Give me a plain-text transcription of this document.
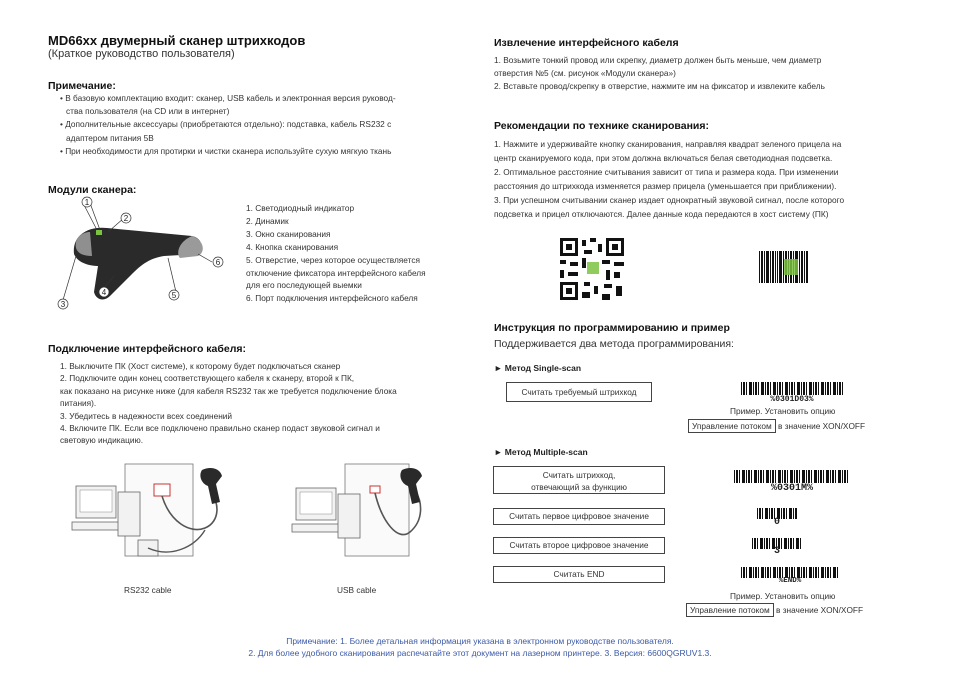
MD66xx двумерный сканер штрихкодов
(Краткое руководство пользователя)
Примечание:
• В базовую комплектацию входит: сканер, USB кабель и электронная версия руковод-
ства пользователя (на CD или в интернет)
• Дополнительные аксессуары (приобретаются отдельно): подставка, кабель RS232 с
адаптером питания 5В
• При необходимости для протирки и чистки сканера используйте сухую мягкую ткань
Модули сканера:
1
2
3
4	5
6
1. Светодиодный индикатор
2. Динамик
3. Окно сканирования
4. Кнопка сканирования
5. Отверстие, через которое осуществляется
отключение фиксатора интерфейсного кабеля
для его последующей выемки
6. Порт подключения интерфейсного кабеля
Подключение интерфейсного кабеля:
1. Выключите ПК (Хост системе), к которому будет подключаться сканер
2. Подключите один конец соответствующего кабеля к сканеру, второй к ПК,
как показано на рисунке ниже (для кабеля RS232 так же требуется подключение блока
питания).
3. Убедитесь в надежности всех соединений
4. Включите ПК. Если все подключено правильно сканер подаст звуковой сигнал и
световую индикацию.
RS232 cable	USB cable
Извлечение интерфейсного кабеля
1. Возьмите тонкий провод или скрепку, диаметр должен быть меньше, чем диаметр
отверстия №5 (см. рисунок «Модули сканера»)
2. Вставьте провод/скрепку в отверстие, нажмите им на фиксатор и извлеките кабель
Рекомендации по технике сканирования:
1. Нажмите и удерживайте кнопку сканирования, направляя квадрат зеленого прицела на
центр сканируемого кода, при этом должна включаться белая светодиодная подсветка.
2. Оптимальное расстояние считывания зависит от типа и размера кода. При изменении
расстояния до штрихкода изменяется размер прицела (уменьшается при приближении).
3. При успешном считывании сканер издает однократный звуковой сигнал, после которого
подсветка и прицел отключаются. Далее данные кода передаются в хост систему (ПК)
Инструкция по программированию и пример
Поддерживается два метода программирования:
► Метод Single-scan
Считать требуемый штрихкод
%0301D03%
Пример. Установить опцию
Управление потоком в значение XON/XOFF
► Метод Multiple-scan
Считать штрихкод,
отвечающий за функцию	%0301M%
Считать первое цифровое значение
0
Считать второе цифровое значение
3
Считать END
%END%
Пример. Установить опцию
Управление потоком в значение XON/XOFF
Примечание: 1. Более детальная информация указана в электронном руководстве пользователя.
2. Для более удобного сканирования распечатайте этот документ на лазерном принтере. 3. Версия: 6600QGRUV1.3.
